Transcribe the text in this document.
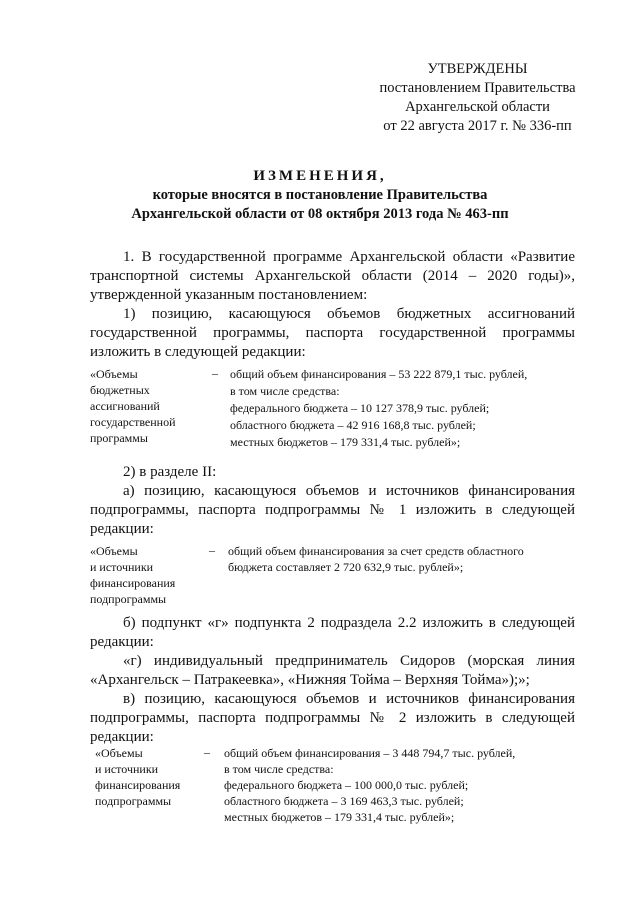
УТВЕРЖДЕНЫ
постановлением Правительства
Архангельской области
от 22 августа 2017 г. № 336-пп
ИЗМЕНЕНИЯ,
которые вносятся в постановление Правительства
Архангельской области от 08 октября 2013 года № 463-пп
1. В государственной программе Архангельской области «Развитие транспортной системы Архангельской области (2014 – 2020 годы)», утвержденной указанным постановлением:
1) позицию, касающуюся объемов бюджетных ассигнований государственной программы, паспорта государственной программы изложить в следующей редакции:
«Объемы
бюджетных
ассигнований
государственной
программы
– общий объем финансирования – 53 222 879,1 тыс. рублей,
в том числе средства:
федерального бюджета – 10 127 378,9 тыс. рублей;
областного бюджета – 42 916 168,8 тыс. рублей;
местных бюджетов – 179 331,4 тыс. рублей»;
2) в разделе II:
а) позицию, касающуюся объемов и источников финансирования подпрограммы, паспорта подпрограммы № 1 изложить в следующей редакции:
«Объемы
и источники
финансирования
подпрограммы
– общий объем финансирования за счет средств областного
бюджета составляет 2 720 632,9 тыс. рублей»;
б) подпункт «г» подпункта 2 подраздела 2.2 изложить в следующей редакции:
«г) индивидуальный предприниматель Сидоров (морская линия «Архангельск – Патракеевка», «Нижняя Тойма – Верхняя Тойма»);»;
в) позицию, касающуюся объемов и источников финансирования подпрограммы, паспорта подпрограммы № 2 изложить в следующей редакции:
«Объемы
и источники
финансирования
подпрограммы
– общий объем финансирования – 3 448 794,7 тыс. рублей,
в том числе средства:
федерального бюджета – 100 000,0 тыс. рублей;
областного бюджета – 3 169 463,3 тыс. рублей;
местных бюджетов – 179 331,4 тыс. рублей»;
